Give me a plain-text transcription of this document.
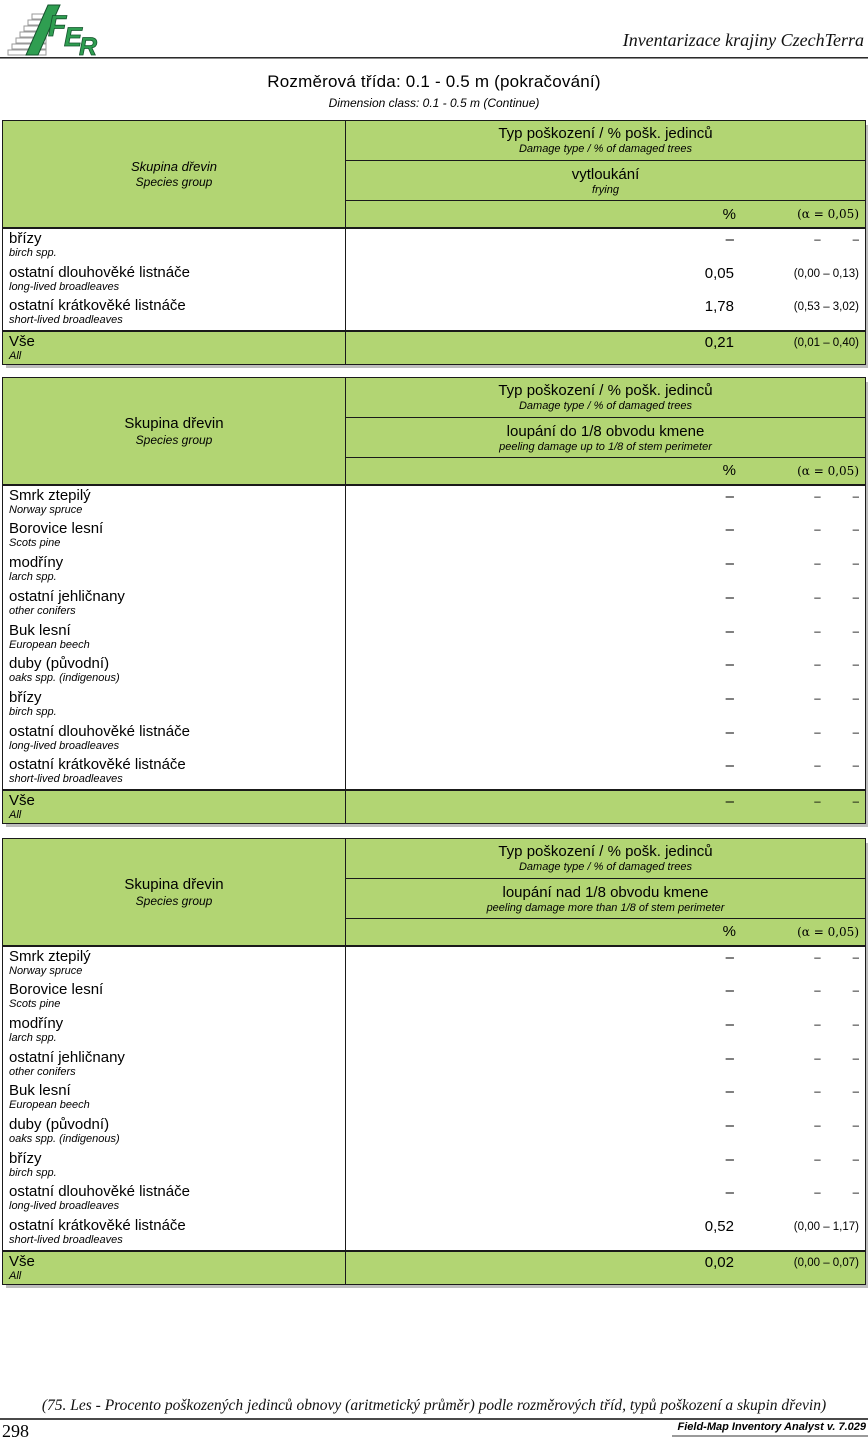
F
E
R	Inventarizace krajiny CzechTerra
Rozměrová třída: 0.1 - 0.5 m (pokračování)
Dimension class: 0.1 - 0.5 m (Continue)
Skupina dřevin
Species group
Typ poškození / % pošk. jedinců
Damage type / % of damaged trees
vytloukání
frying
%	(α = 0,05)
břízy
birch spp.
–	–          –
ostatní dlouhověké listnáče
long-lived broadleaves
0,05	(0,00 – 0,13)
ostatní krátkověké listnáče
short-lived broadleaves
1,78	(0,53 – 3,02)
Vše
All
0,21	(0,01 – 0,40)
Skupina dřevin
Species group
Typ poškození / % pošk. jedinců
Damage type / % of damaged trees
loupání do 1/8 obvodu kmene
peeling damage up to 1/8 of stem perimeter
%	(α = 0,05)
Smrk ztepilý
Norway spruce
–	–          –
Borovice lesní
Scots pine
–	–          –
modříny
larch spp.
–	–          –
ostatní jehličnany
other conifers
–	–          –
Buk lesní
European beech
–	–          –
duby (původní)
oaks spp. (indigenous)
–	–          –
břízy
birch spp.
–	–          –
ostatní dlouhověké listnáče
long-lived broadleaves
–	–          –
ostatní krátkověké listnáče
short-lived broadleaves
–	–          –
Vše
All
–	–          –
Skupina dřevin
Species group
Typ poškození / % pošk. jedinců
Damage type / % of damaged trees
loupání nad 1/8 obvodu kmene
peeling damage more than 1/8 of stem perimeter
%	(α = 0,05)
Smrk ztepilý
Norway spruce
–	–          –
Borovice lesní
Scots pine
–	–          –
modříny
larch spp.
–	–          –
ostatní jehličnany
other conifers
–	–          –
Buk lesní
European beech
–	–          –
duby (původní)
oaks spp. (indigenous)
–	–          –
břízy
birch spp.
–	–          –
ostatní dlouhověké listnáče
long-lived broadleaves
–	–          –
ostatní krátkověké listnáče
short-lived broadleaves
0,52	(0,00 – 1,17)
Vše
All
0,02	(0,00 – 0,07)
(75. Les - Procento poškozených jedinců obnovy (aritmetický průměr) podle rozměrových tříd, typů poškození a skupin dřevin)
298	Field-Map Inventory Analyst v. 7.029
